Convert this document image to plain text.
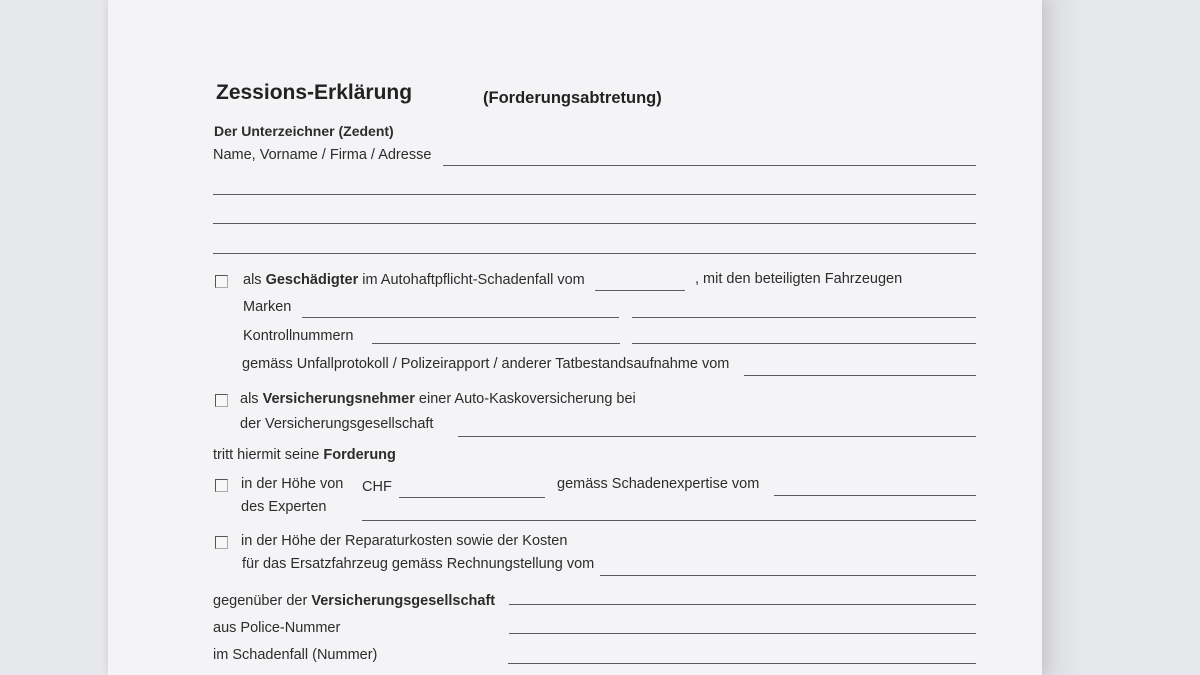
Zessions-Erklärung	(Forderungsabtretung)
Der Unterzeichner (Zedent)
Name, Vorname / Firma / Adresse
als Geschädigter im Autohaftpflicht-Schadenfall vom	, mit den beteiligten Fahrzeugen
Marken
Kontrollnummern
gemäss Unfallprotokoll / Polizeirapport / anderer Tatbestandsaufnahme vom
als Versicherungsnehmer einer Auto-Kaskoversicherung bei
der Versicherungsgesellschaft
tritt hiermit seine Forderung
in der Höhe von CHF	gemäss Schadenexpertise vom
des Experten
in der Höhe der Reparaturkosten sowie der Kosten
für das Ersatzfahrzeug gemäss Rechnungstellung vom
gegenüber der Versicherungsgesellschaft
aus Police-Nummer
im Schadenfall (Nummer)
